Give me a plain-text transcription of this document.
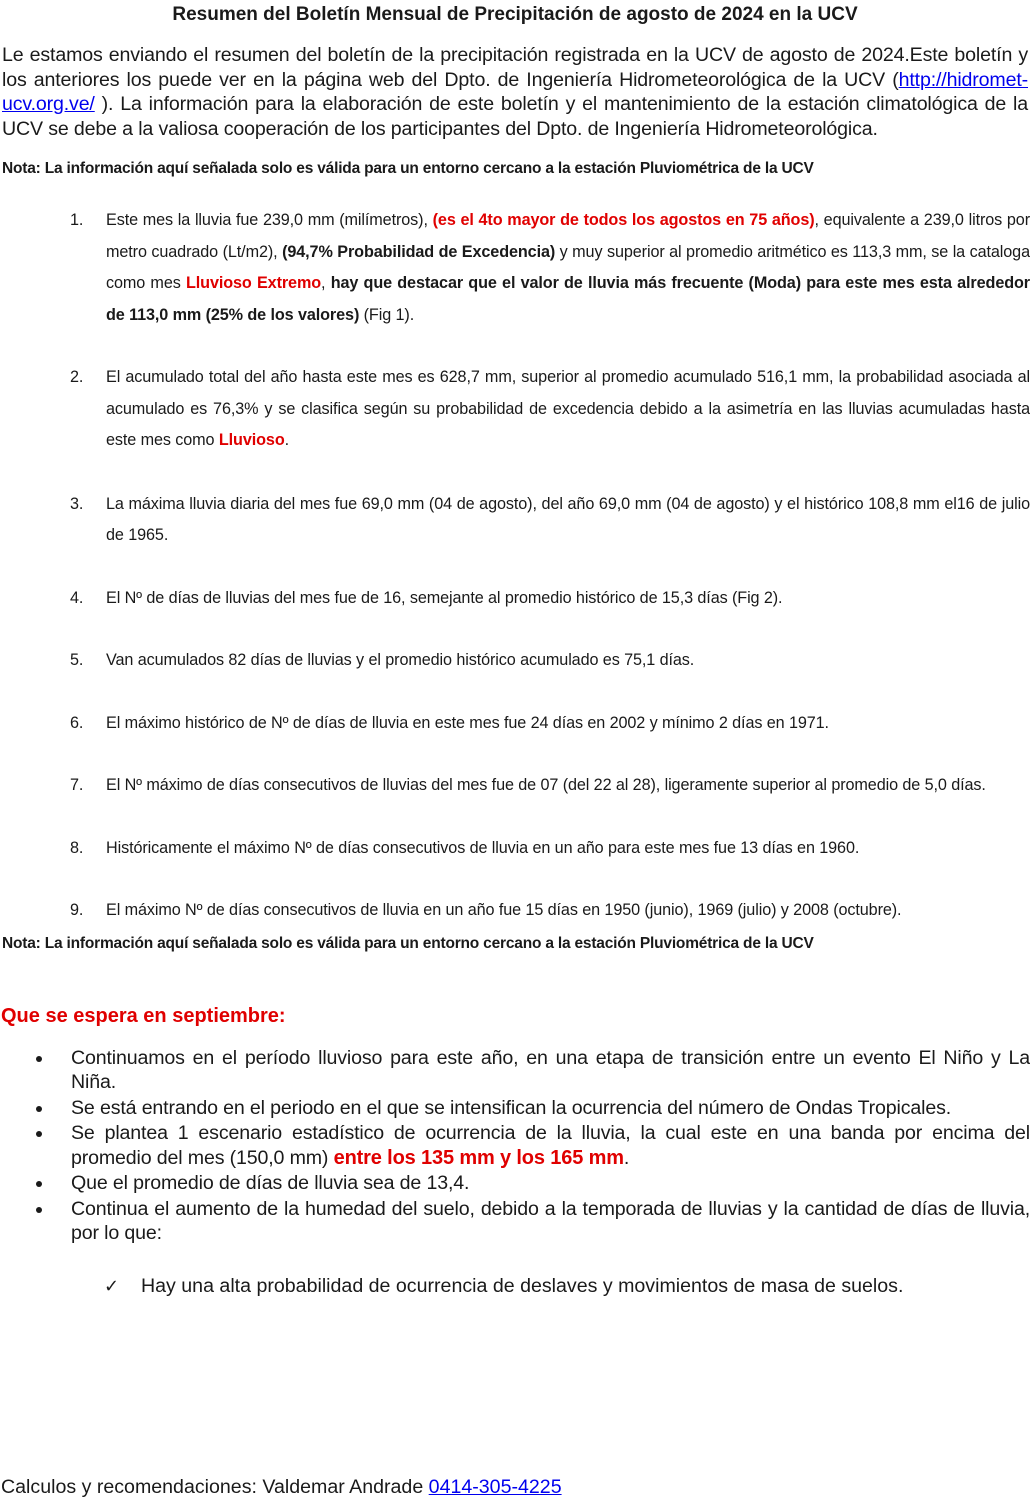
Resumen del Boletín Mensual de Precipitación de agosto de 2024 en la UCV

Le estamos enviando el resumen del boletín de la precipitación registrada en la UCV de agosto de 2024.Este boletín y los anteriores los puede ver en la página web del Dpto. de Ingeniería Hidrometeorológica de la UCV (http://hidromet-ucv.org.ve/ ). La información para la elaboración de este boletín y el mantenimiento de la estación climatológica de la UCV se debe a la valiosa cooperación de los participantes del Dpto. de Ingeniería Hidrometeorológica.

Nota: La información aquí señalada solo es válida para un entorno cercano a la estación Pluviométrica de la UCV

1. Este mes la lluvia fue 239,0 mm (milímetros), (es el 4to mayor de todos los agostos en 75 años), equivalente a 239,0 litros por metro cuadrado (Lt/m2), (94,7% Probabilidad de Excedencia) y muy superior al promedio aritmético es 113,3 mm, se la cataloga como mes Lluvioso Extremo, hay que destacar que el valor de lluvia más frecuente (Moda) para este mes esta alrededor de 113,0 mm (25% de los valores) (Fig 1).
2. El acumulado total del año hasta este mes es 628,7 mm, superior al promedio acumulado 516,1 mm, la probabilidad asociada al acumulado es 76,3% y se clasifica según su probabilidad de excedencia debido a la asimetría en las lluvias acumuladas hasta este mes como Lluvioso.
3. La máxima lluvia diaria del mes fue 69,0 mm (04 de agosto), del año 69,0 mm (04 de agosto) y el histórico 108,8 mm el16 de julio de 1965.
4. El Nº de días de lluvias del mes fue de 16, semejante al promedio histórico de 15,3 días (Fig 2).
5. Van acumulados 82 días de lluvias y el promedio histórico acumulado es 75,1 días.
6. El máximo histórico de Nº de días de lluvia en este mes fue 24 días en 2002 y mínimo 2 días en 1971.
7. El Nº máximo de días consecutivos de lluvias del mes fue de 07 (del 22 al 28), ligeramente superior al promedio de 5,0 días.
8. Históricamente el máximo Nº de días consecutivos de lluvia en un año para este mes fue 13 días en 1960.
9. El máximo Nº de días consecutivos de lluvia en un año fue 15 días en 1950 (junio), 1969 (julio) y 2008 (octubre).

Nota: La información aquí señalada solo es válida para un entorno cercano a la estación Pluviométrica de la UCV

Que se espera en septiembre:
Continuamos en el período lluvioso para este año, en una etapa de transición entre un evento El Niño y La Niña.
Se está entrando en el periodo en el que se intensifican la ocurrencia del número de Ondas Tropicales.
Se plantea 1 escenario estadístico de ocurrencia de la lluvia, la cual este en una banda por encima del promedio del mes (150,0 mm) entre los 135 mm y los 165 mm.
Que el promedio de días de lluvia sea de 13,4.
Continua el aumento de la humedad del suelo, debido a la temporada de lluvias y la cantidad de días de lluvia, por lo que:
✓ Hay una alta probabilidad de ocurrencia de deslaves y movimientos de masa de suelos.
Calculos y recomendaciones: Valdemar Andrade 0414-305-4225
